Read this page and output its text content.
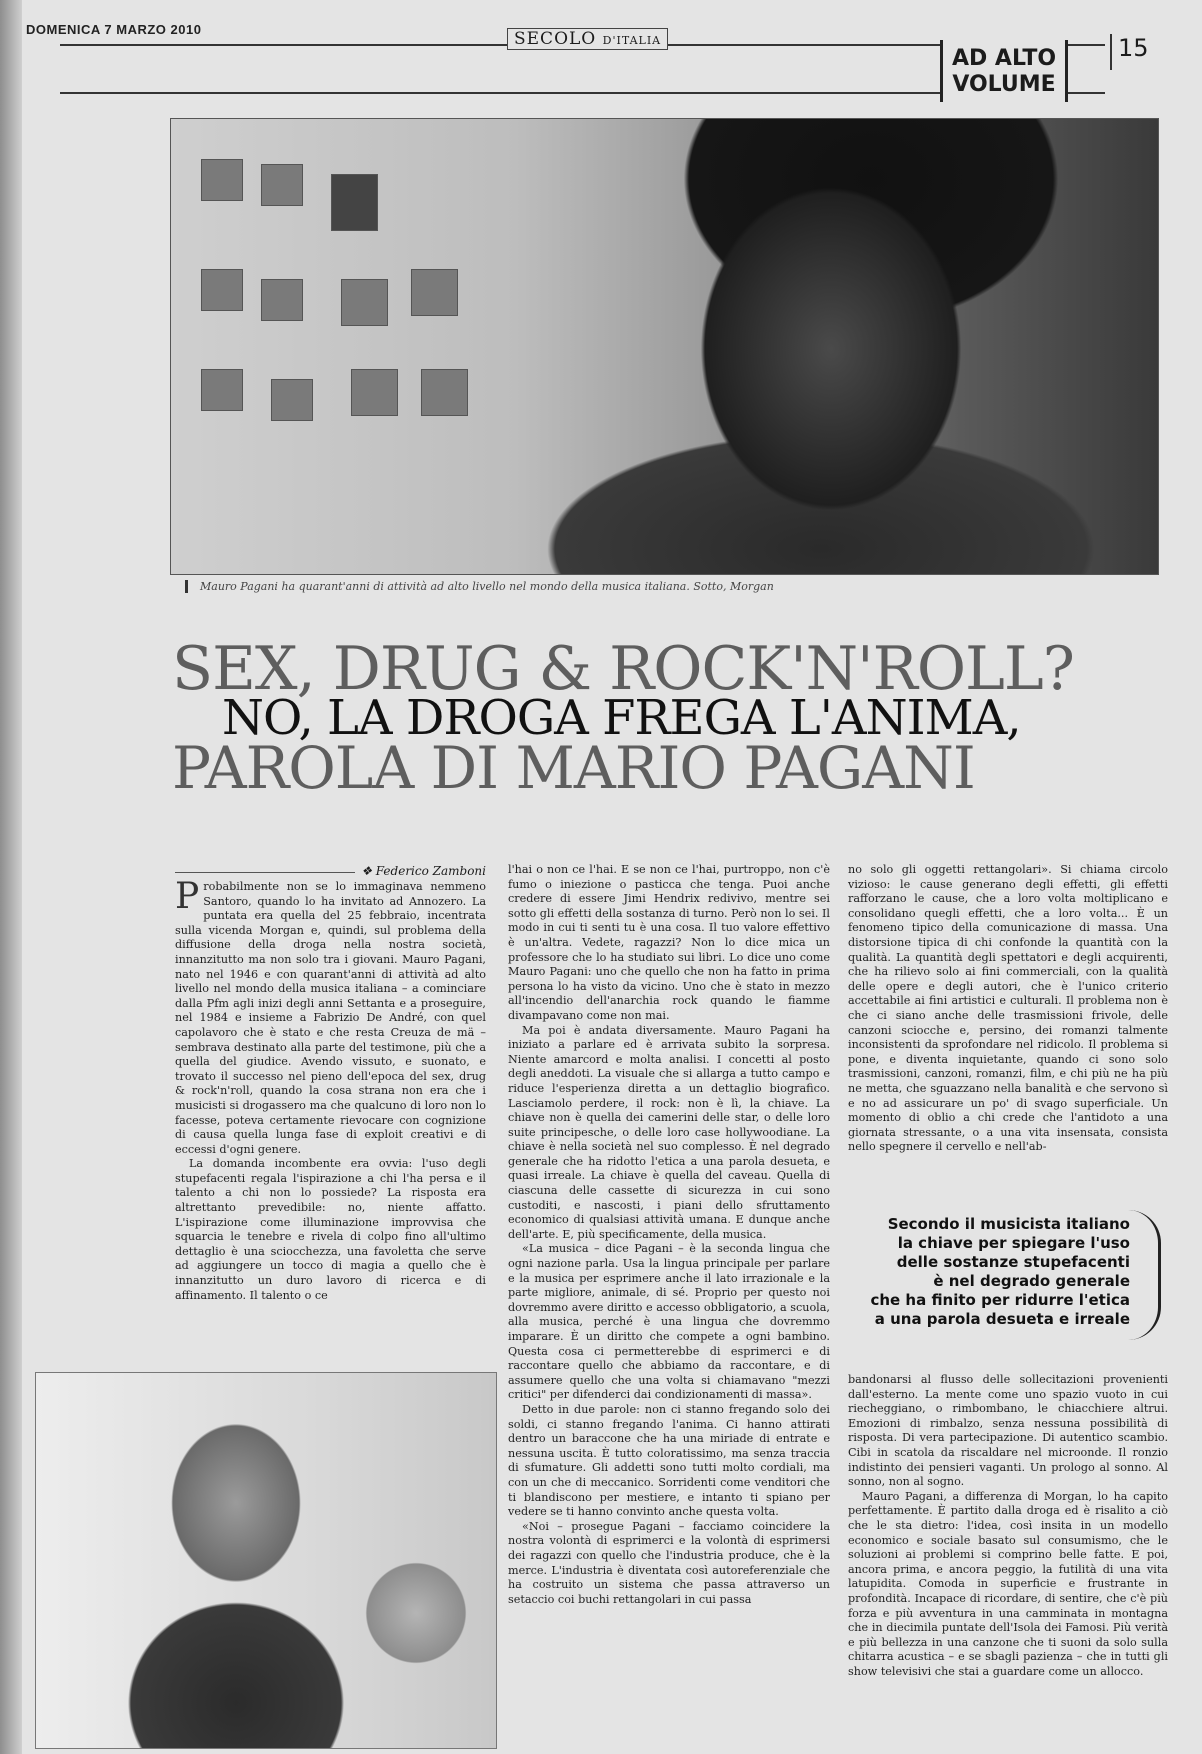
DOMENICA 7 MARZO 2010	SECOLO D'ITALIA
AD ALTO
VOLUME
15
Mauro Pagani ha quarant'anni di attività ad alto livello nel mondo della musica italiana. Sotto, Morgan
SEX, DRUG & ROCK'N'ROLL?
NO, LA DROGA FREGA L'ANIMA,
PAROLA DI MARIO PAGANI
❖ Federico Zamboni

Probabilmente non se lo immaginava nemmeno Santoro, quando lo ha invitato ad Annozero. La puntata era quella del 25 febbraio, incentrata sulla vicenda Morgan e, quindi, sul problema della diffusione della droga nella nostra società, innanzitutto ma non solo tra i giovani. Mauro Pagani, nato nel 1946 e con quarant'anni di attività ad alto livello nel mondo della musica italiana – a cominciare dalla Pfm agli inizi degli anni Settanta e a proseguire, nel 1984 e insieme a Fabrizio De André, con quel capolavoro che è stato e che resta Creuza de mä – sembrava destinato alla parte del testimone, più che a quella del giudice. Avendo vissuto, e suonato, e trovato il successo nel pieno dell'epoca del sex, drug & rock'n'roll, quando la cosa strana non era che i musicisti si drogassero ma che qualcuno di loro non lo facesse, poteva certamente rievocare con cognizione di causa quella lunga fase di exploit creativi e di eccessi d'ogni genere.

La domanda incombente era ovvia: l'uso degli stupefacenti regala l'ispirazione a chi l'ha persa e il talento a chi non lo possiede? La risposta era altrettanto prevedibile: no, niente affatto. L'ispirazione come illuminazione improvvisa che squarcia le tenebre e rivela di colpo fino all'ultimo dettaglio è una sciocchezza, una favoletta che serve ad aggiungere un tocco di magia a quello che è innanzitutto un duro lavoro di ricerca e di affinamento. Il talento o ce

l'hai o non ce l'hai. E se non ce l'hai, purtroppo, non c'è fumo o iniezione o pasticca che tenga. Puoi anche credere di essere Jimi Hendrix redivivo, mentre sei sotto gli effetti della sostanza di turno. Però non lo sei. Il modo in cui ti senti tu è una cosa. Il tuo valore effettivo è un'altra. Vedete, ragazzi? Non lo dice mica un professore che lo ha studiato sui libri. Lo dice uno come Mauro Pagani: uno che quello che non ha fatto in prima persona lo ha visto da vicino. Uno che è stato in mezzo all'incendio dell'anarchia rock quando le fiamme divampavano come non mai.

Ma poi è andata diversamente. Mauro Pagani ha iniziato a parlare ed è arrivata subito la sorpresa. Niente amarcord e molta analisi. I concetti al posto degli aneddoti. La visuale che si allarga a tutto campo e riduce l'esperienza diretta a un dettaglio biografico. Lasciamolo perdere, il rock: non è lì, la chiave. La chiave non è quella dei camerini delle star, o delle loro suite principesche, o delle loro case hollywoodiane. La chiave è nella società nel suo complesso. È nel degrado generale che ha ridotto l'etica a una parola desueta, e quasi irreale. La chiave è quella del caveau. Quella di ciascuna delle cassette di sicurezza in cui sono custoditi, e nascosti, i piani dello sfruttamento economico di qualsiasi attività umana. E dunque anche dell'arte. E, più specificamente, della musica.

«La musica – dice Pagani – è la seconda lingua che ogni nazione parla. Usa la lingua principale per parlare e la musica per esprimere anche il lato irrazionale e la parte migliore, animale, di sé. Proprio per questo noi dovremmo avere diritto e accesso obbligatorio, a scuola, alla musica, perché è una lingua che dovremmo imparare. È un diritto che compete a ogni bambino. Questa cosa ci permetterebbe di esprimerci e di raccontare quello che abbiamo da raccontare, e di assumere quello che una volta si chiamavano "mezzi critici" per difenderci dai condizionamenti di massa».

Detto in due parole: non ci stanno fregando solo dei soldi, ci stanno fregando l'anima. Ci hanno attirati dentro un baraccone che ha una miriade di entrate e nessuna uscita. È tutto coloratissimo, ma senza traccia di sfumature. Gli addetti sono tutti molto cordiali, ma con un che di meccanico. Sorridenti come venditori che ti blandiscono per mestiere, e intanto ti spiano per vedere se ti hanno convinto anche questa volta.

«Noi – prosegue Pagani – facciamo coincidere la nostra volontà di esprimerci e la volontà di esprimersi dei ragazzi con quello che l'industria produce, che è la merce. L'industria è diventata così autoreferenziale che ha costruito un sistema che passa attraverso un setaccio coi buchi rettangolari in cui passa

no solo gli oggetti rettangolari». Si chiama circolo vizioso: le cause generano degli effetti, gli effetti rafforzano le cause, che a loro volta moltiplicano e consolidano quegli effetti, che a loro volta... È un fenomeno tipico della comunicazione di massa. Una distorsione tipica di chi confonde la quantità con la qualità. La quantità degli spettatori e degli acquirenti, che ha rilievo solo ai fini commerciali, con la qualità delle opere e degli autori, che è l'unico criterio accettabile ai fini artistici e culturali. Il problema non è che ci siano anche delle trasmissioni frivole, delle canzoni sciocche e, persino, dei romanzi talmente inconsistenti da sprofondare nel ridicolo. Il problema si pone, e diventa inquietante, quando ci sono solo trasmissioni, canzoni, romanzi, film, e chi più ne ha più ne metta, che sguazzano nella banalità e che servono sì e no ad assicurare un po' di svago superficiale. Un momento di oblio a chi crede che l'antidoto a una giornata stressante, o a una vita insensata, consista nello spegnere il cervello e nell'ab-

Secondo il musicista italiano
la chiave per spiegare l'uso
delle sostanze stupefacenti
è nel degrado generale
che ha finito per ridurre l'etica
a una parola desueta e irreale

bandonarsi al flusso delle sollecitazioni provenienti dall'esterno. La mente come uno spazio vuoto in cui riecheggiano, o rimbombano, le chiacchiere altrui. Emozioni di rimbalzo, senza nessuna possibilità di risposta. Di vera partecipazione. Di autentico scambio. Cibi in scatola da riscaldare nel microonde. Il ronzio indistinto dei pensieri vaganti. Un prologo al sonno. Al sonno, non al sogno.

Mauro Pagani, a differenza di Morgan, lo ha capito perfettamente. È partito dalla droga ed è risalito a ciò che le sta dietro: l'idea, così insita in un modello economico e sociale basato sul consumismo, che le soluzioni ai problemi si comprino belle fatte. E poi, ancora prima, e ancora peggio, la futilità di una vita latupidita. Comoda in superficie e frustrante in profondità. Incapace di ricordare, di sentire, che c'è più forza e più avventura in una camminata in montagna che in diecimila puntate dell'Isola dei Famosi. Più verità e più bellezza in una canzone che ti suoni da solo sulla chitarra acustica – e se sbagli pazienza – che in tutti gli show televisivi che stai a guardare come un allocco.
